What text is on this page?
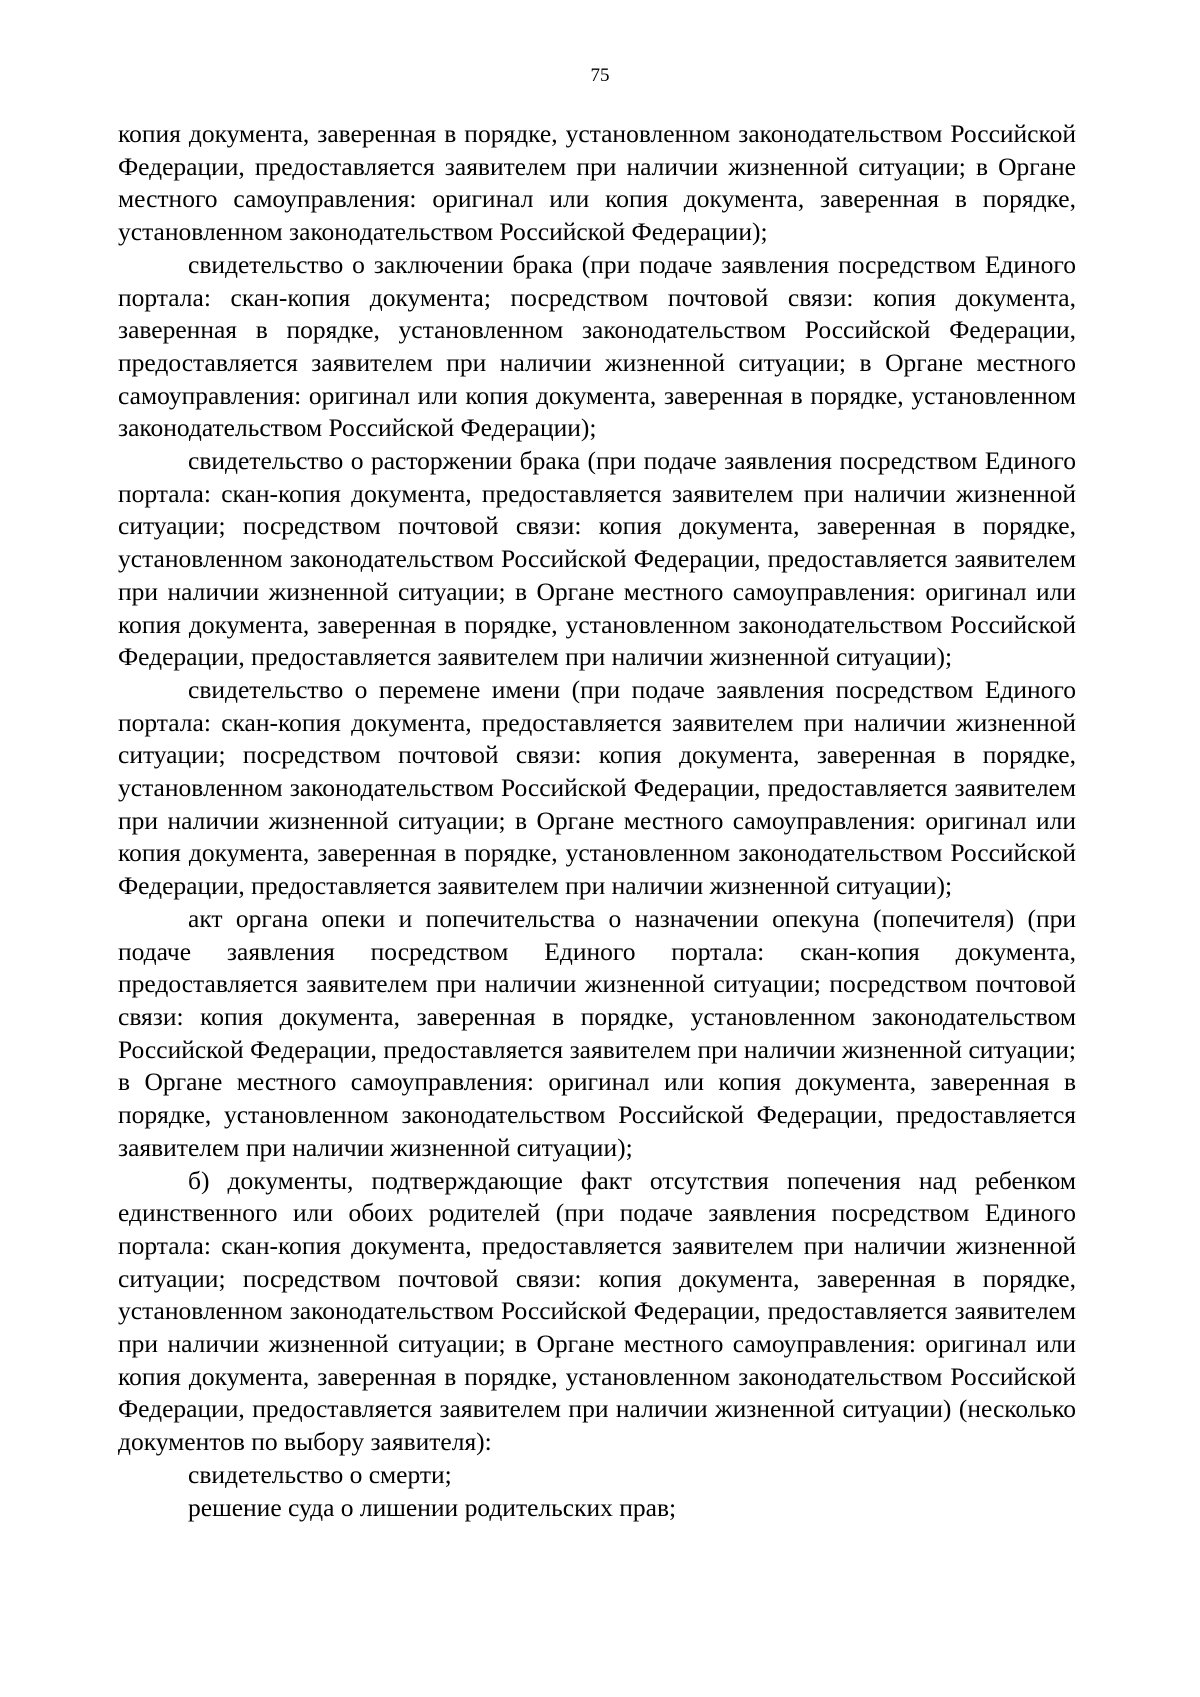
75

копия документа, заверенная в порядке, установленном законодательством Российской Федерации, предоставляется заявителем при наличии жизненной ситуации; в Органе местного самоуправления: оригинал или копия документа, заверенная в порядке, установленном законодательством Российской Федерации);

свидетельство о заключении брака (при подаче заявления посредством Единого портала: скан-копия документа; посредством почтовой связи: копия документа, заверенная в порядке, установленном законодательством Российской Федерации, предоставляется заявителем при наличии жизненной ситуации; в Органе местного самоуправления: оригинал или копия документа, заверенная в порядке, установленном законодательством Российской Федерации);

свидетельство о расторжении брака (при подаче заявления посредством Единого портала: скан-копия документа, предоставляется заявителем при наличии жизненной ситуации; посредством почтовой связи: копия документа, заверенная в порядке, установленном законодательством Российской Федерации, предоставляется заявителем при наличии жизненной ситуации; в Органе местного самоуправления: оригинал или копия документа, заверенная в порядке, установленном законодательством Российской Федерации, предоставляется заявителем при наличии жизненной ситуации);

свидетельство о перемене имени (при подаче заявления посредством Единого портала: скан-копия документа, предоставляется заявителем при наличии жизненной ситуации; посредством почтовой связи: копия документа, заверенная в порядке, установленном законодательством Российской Федерации, предоставляется заявителем при наличии жизненной ситуации; в Органе местного самоуправления: оригинал или копия документа, заверенная в порядке, установленном законодательством Российской Федерации, предоставляется заявителем при наличии жизненной ситуации);

акт органа опеки и попечительства о назначении опекуна (попечителя) (при подаче заявления посредством Единого портала: скан-копия документа, предоставляется заявителем при наличии жизненной ситуации; посредством почтовой связи: копия документа, заверенная в порядке, установленном законодательством Российской Федерации, предоставляется заявителем при наличии жизненной ситуации; в Органе местного самоуправления: оригинал или копия документа, заверенная в порядке, установленном законодательством Российской Федерации, предоставляется заявителем при наличии жизненной ситуации);

б) документы, подтверждающие факт отсутствия попечения над ребенком единственного или обоих родителей (при подаче заявления посредством Единого портала: скан-копия документа, предоставляется заявителем при наличии жизненной ситуации; посредством почтовой связи: копия документа, заверенная в порядке, установленном законодательством Российской Федерации, предоставляется заявителем при наличии жизненной ситуации; в Органе местного самоуправления: оригинал или копия документа, заверенная в порядке, установленном законодательством Российской Федерации, предоставляется заявителем при наличии жизненной ситуации) (несколько документов по выбору заявителя):

свидетельство о смерти;

решение суда о лишении родительских прав;
